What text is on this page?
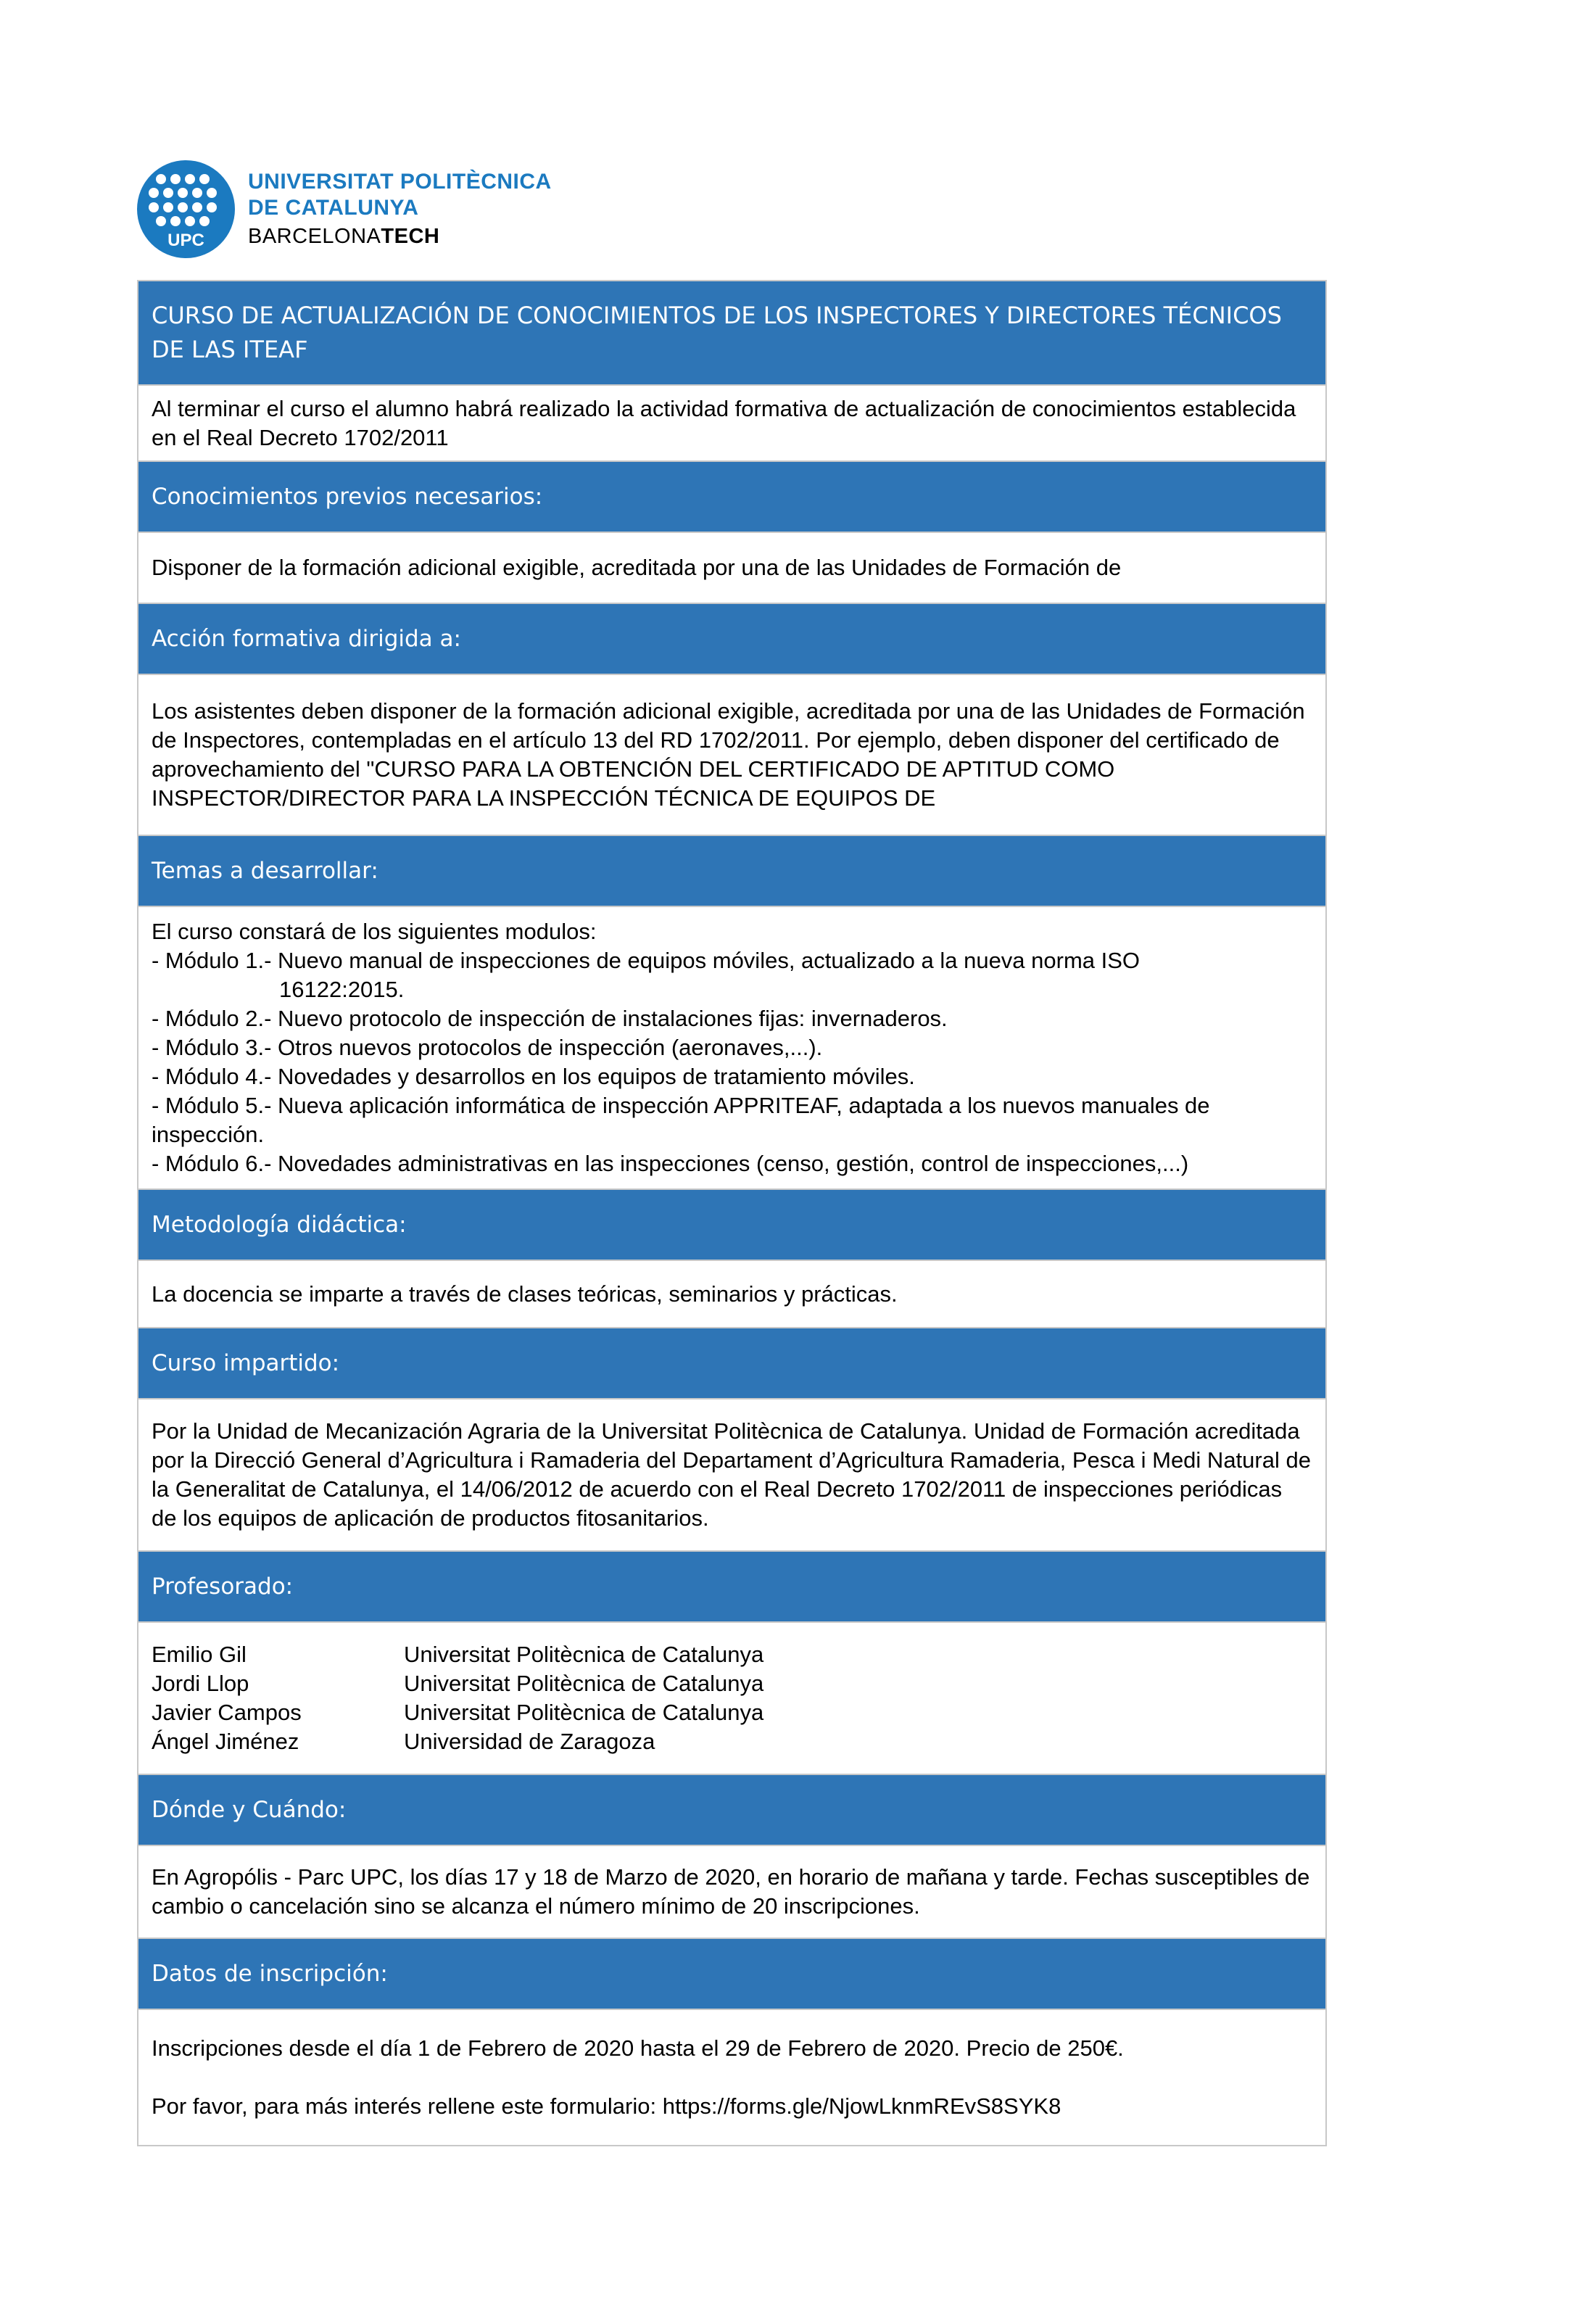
UPC
UNIVERSITAT POLITÈCNICA
DE CATALUNYA
BARCELONATECH
CURSO DE ACTUALIZACIÓN DE CONOCIMIENTOS DE LOS INSPECTORES Y DIRECTORES TÉCNICOS DE LAS ITEAF

Al terminar el curso el alumno habrá realizado la actividad formativa de actualización de conocimientos establecida en el Real Decreto 1702/2011

Conocimientos previos necesarios:

Disponer de la formación adicional exigible, acreditada por una de las Unidades de Formación de

Acción formativa dirigida a:

Los asistentes deben disponer de la formación adicional exigible, acreditada por una de las Unidades de Formación de Inspectores, contempladas en el artículo 13 del RD 1702/2011. Por ejemplo, deben disponer del certificado de aprovechamiento del "CURSO PARA LA OBTENCIÓN DEL CERTIFICADO DE APTITUD COMO INSPECTOR/DIRECTOR PARA LA INSPECCIÓN TÉCNICA DE EQUIPOS DE

Temas a desarrollar:

El curso constará de los siguientes modulos:

- Módulo 1.- Nuevo manual de inspecciones de equipos móviles, actualizado a la nueva norma ISO

16122:2015.

- Módulo 2.- Nuevo protocolo de inspección de instalaciones fijas: invernaderos.

- Módulo 3.- Otros nuevos protocolos de inspección (aeronaves,...).

- Módulo 4.- Novedades y desarrollos en los equipos de tratamiento móviles.

- Módulo 5.- Nueva aplicación informática de inspección APPRITEAF, adaptada a los nuevos manuales de inspección.

- Módulo 6.- Novedades administrativas en las inspecciones (censo, gestión, control de inspecciones,...)

Metodología didáctica:

La docencia se imparte a través de clases teóricas, seminarios y prácticas.

Curso impartido:

Por la Unidad de Mecanización Agraria de la Universitat Politècnica de Catalunya. Unidad de Formación acreditada por la Direcció General d’Agricultura i Ramaderia del Departament d’Agricultura Ramaderia, Pesca i Medi Natural de la Generalitat de Catalunya, el 14/06/2012 de acuerdo con el Real Decreto 1702/2011 de inspecciones periódicas de los equipos de aplicación de productos fitosanitarios.

Profesorado:
Emilio Gil	Universitat Politècnica de Catalunya
Jordi Llop	Universitat Politècnica de Catalunya
Javier Campos	Universitat Politècnica de Catalunya
Ángel Jiménez	Universidad de Zaragoza
Dónde y Cuándo:

En Agropólis - Parc UPC, los días 17 y 18 de Marzo de 2020, en horario de mañana y tarde. Fechas susceptibles de cambio o cancelación sino se alcanza el número mínimo de 20 inscripciones.

Datos de inscripción:

Inscripciones desde el día 1 de Febrero de 2020 hasta el 29 de Febrero de 2020. Precio de 250€.

Por favor, para más interés rellene este formulario: https://forms.gle/NjowLknmREvS8SYK8
